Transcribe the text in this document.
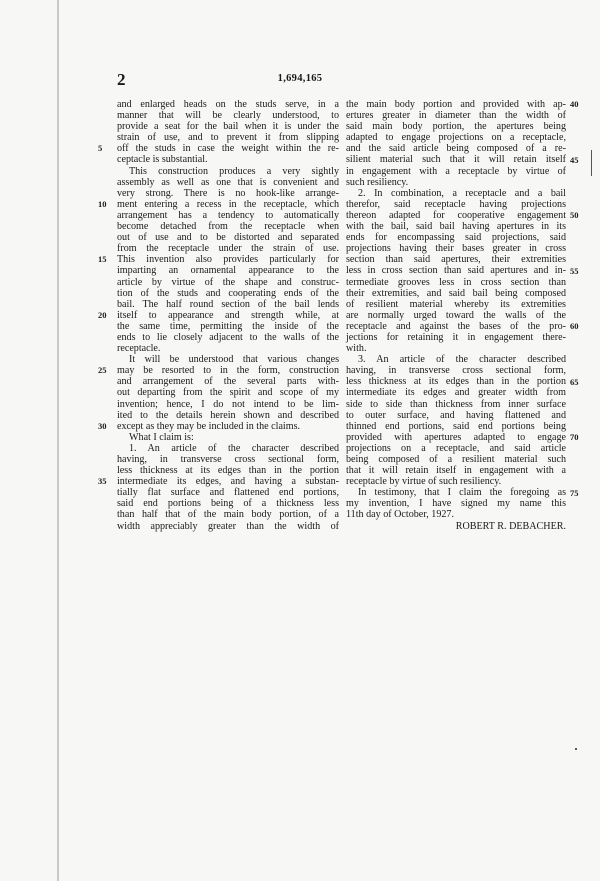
2	1,694,165
5
10
15
20
25
30
35
and enlarged heads on the studs serve, in a
manner that will be clearly understood, to
provide a seat for the bail when it is under the
strain of use, and to prevent it from slipping
off the studs in case the weight within the re-
ceptacle is substantial.
This construction produces a very sightly
assembly as well as one that is convenient and
very strong. There is no hook-like arrange-
ment entering a recess in the receptacle, which
arrangement has a tendency to automatically
become detached from the receptacle when
out of use and to be distorted and separated
from the receptacle under the strain of use.
This invention also provides particularly for
imparting an ornamental appearance to the
article by virtue of the shape and construc-
tion of the studs and cooperating ends of the
bail. The half round section of the bail lends
itself to appearance and strength while, at
the same time, permitting the inside of the
ends to lie closely adjacent to the walls of the
receptacle.
It will be understood that various changes
may be resorted to in the form, construction
and arrangement of the several parts with-
out departing from the spirit and scope of my
invention; hence, I do not intend to be lim-
ited to the details herein shown and described
except as they may be included in the claims.
What I claim is:
1. An article of the character described
having, in transverse cross sectional form,
less thickness at its edges than in the portion
intermediate its edges, and having a substan-
tially flat surface and flattened end portions,
said end portions being of a thickness less
than half that of the main body portion, of a
width appreciably greater than the width of
the main body portion and provided with ap-
ertures greater in diameter than the width of
said main body portion, the apertures being
adapted to engage projections on a receptacle,
and the said article being composed of a re-
silient material such that it will retain itself
in engagement with a receptacle by virtue of
such resiliency.
2. In combination, a receptacle and a bail
therefor, said receptacle having projections
thereon adapted for cooperative engagement
with the bail, said bail having apertures in its
ends for encompassing said projections, said
projections having their bases greater in cross
section than said apertures, their extremities
less in cross section than said apertures and in-
termediate grooves less in cross section than
their extremities, and said bail being composed
of resilient material whereby its extremities
are normally urged toward the walls of the
receptacle and against the bases of the pro-
jections for retaining it in engagement there-
with.
3. An article of the character described
having, in transverse cross sectional form,
less thickness at its edges than in the portion
intermediate its edges and greater width from
side to side than thickness from inner surface
to outer surface, and having flattened and
thinned end portions, said end portions being
provided with apertures adapted to engage
projections on a receptacle, and said article
being composed of a resilient material such
that it will retain itself in engagement with a
receptacle by virtue of such resiliency.
In testimony, that I claim the foregoing as
my invention, I have signed my name this
11th day of October, 1927.
ROBERT R. DEBACHER.
40
45
50
55
60
65
70
75
